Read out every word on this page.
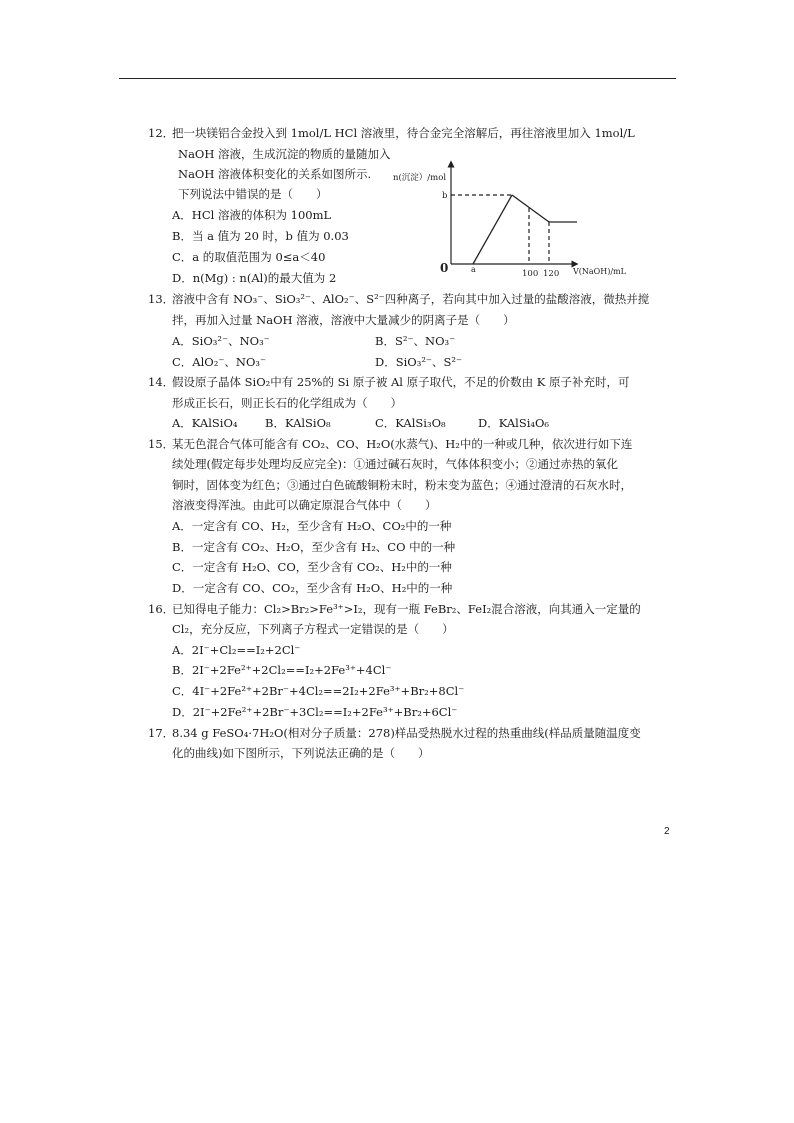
12．
把一块镁铝合金投入到 1mol/L HCl 溶液里，待合金完全溶解后，再往溶液里加入 1mol/L
NaOH 溶液，生成沉淀的物质的量随加入
NaOH 溶液体积变化的关系如图所示.
下列说法中错误的是（　　）
A．HCl 溶液的体积为 100mL
B．当 a 值为 20 时，b 值为 0.03
C．a 的取值范围为 0≤a＜40
D．n(Mg) : n(Al)的最大值为 2
n(沉淀）/mol
0
b
a	100 120 V(NaOH)/mL
13．
溶液中含有 NO₃⁻、SiO₃²⁻、AlO₂⁻、S²⁻四种离子，若向其中加入过量的盐酸溶液，微热并搅
拌，再加入过量 NaOH 溶液，溶液中大量减少的阴离子是（　　）
A．SiO₃²⁻、NO₃⁻	B．S²⁻、NO₃⁻
C．AlO₂⁻、NO₃⁻	D．SiO₃²⁻、S²⁻
14．
假设原子晶体 SiO₂中有 25%的 Si 原子被 Al 原子取代，不足的价数由 K 原子补充时，可
形成正长石，则正长石的化学组成为（　　）
A．KAlSiO₄ B．KAlSiO₈	C．KAlSi₃O₈	D．KAlSi₄O₆
15．
某无色混合气体可能含有 CO₂、CO、H₂O(水蒸气)、H₂中的一种或几种，依次进行如下连
续处理(假定每步处理均反应完全)：①通过碱石灰时，气体体积变小；②通过赤热的氧化
铜时，固体变为红色；③通过白色硫酸铜粉末时，粉末变为蓝色；④通过澄清的石灰水时，
溶液变得浑浊。由此可以确定原混合气体中（　　）
A．一定含有 CO、H₂，至少含有 H₂O、CO₂中的一种
B．一定含有 CO₂、H₂O，至少含有 H₂、CO 中的一种
C．一定含有 H₂O、CO，至少含有 CO₂、H₂中的一种
D．一定含有 CO、CO₂，至少含有 H₂O、H₂中的一种
16．
已知得电子能力：Cl₂>Br₂>Fe³⁺>I₂，现有一瓶 FeBr₂、FeI₂混合溶液，向其通入一定量的
Cl₂，充分反应，下列离子方程式一定错误的是（　　）
A．2I⁻+Cl₂==I₂+2Cl⁻
B．2I⁻+2Fe²⁺+2Cl₂==I₂+2Fe³⁺+4Cl⁻
C．4I⁻+2Fe²⁺+2Br⁻+4Cl₂==2I₂+2Fe³⁺+Br₂+8Cl⁻
D．2I⁻+2Fe²⁺+2Br⁻+3Cl₂==I₂+2Fe³⁺+Br₂+6Cl⁻
17．
8.34 g FeSO₄·7H₂O(相对分子质量：278)样品受热脱水过程的热重曲线(样品质量随温度变
化的曲线)如下图所示，下列说法正确的是（　　）
2
